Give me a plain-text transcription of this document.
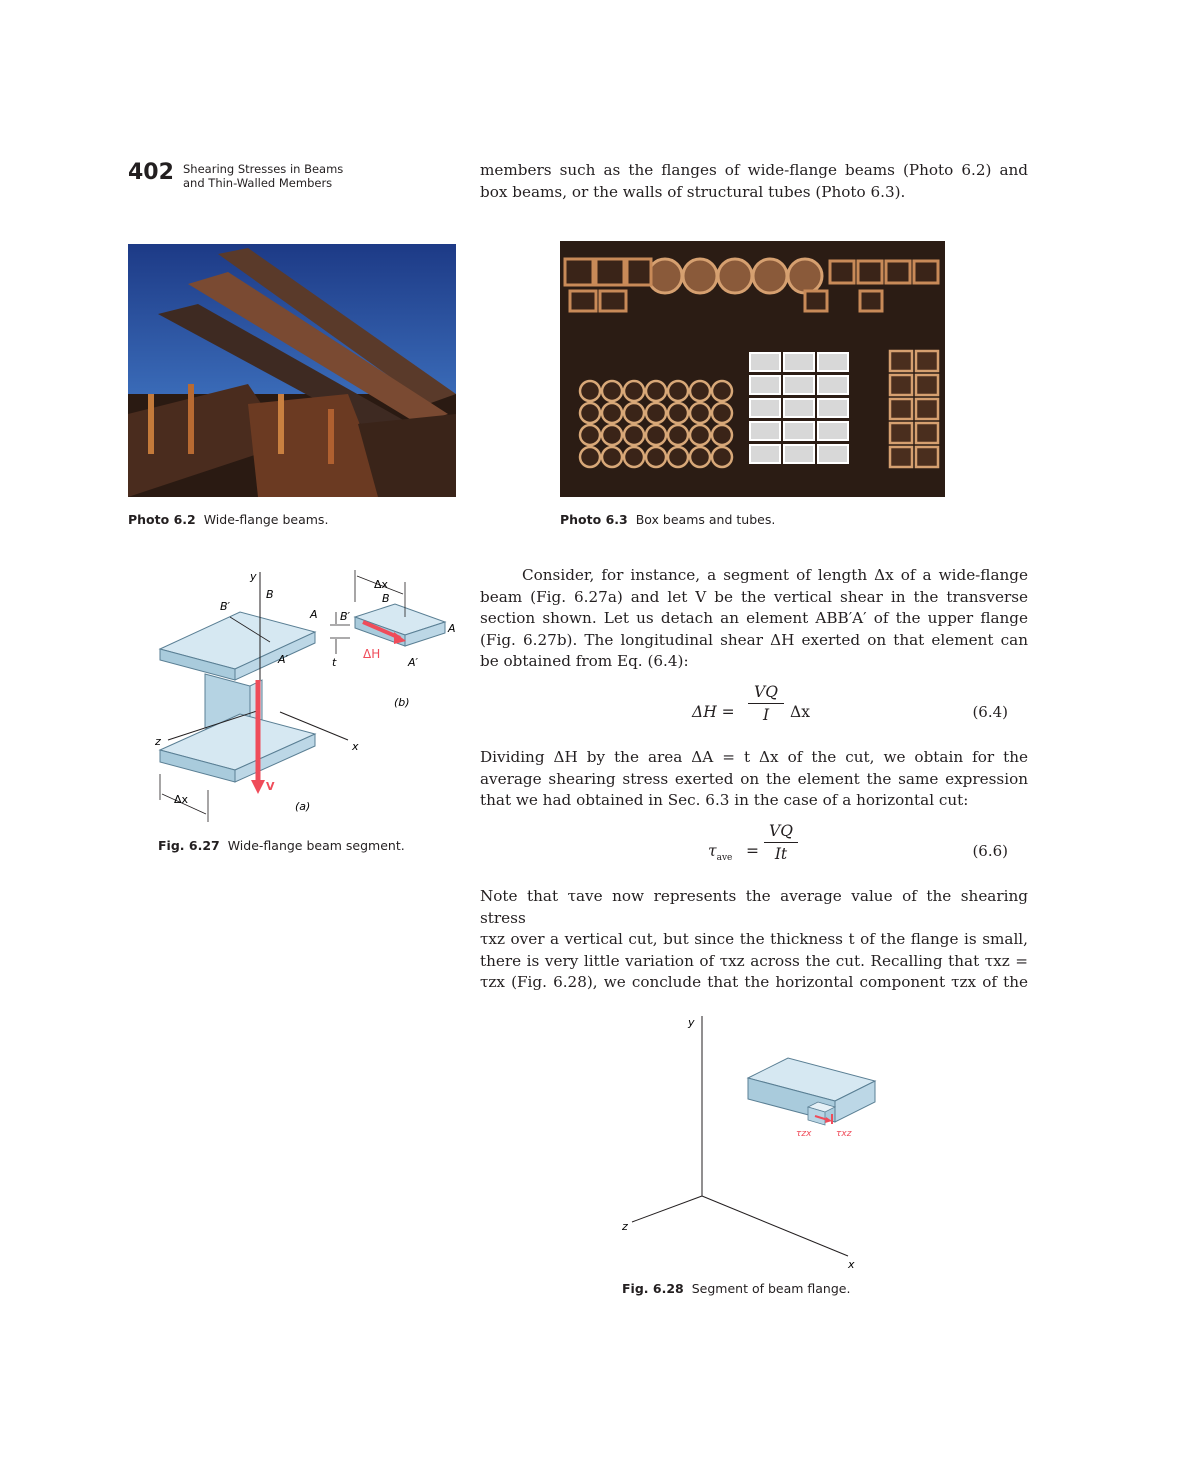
402 Shearing Stresses in Beams
and Thin-Walled Members

members such as the flanges of wide-flange beams (Photo 6.2) and

box beams, or the walls of structural tubes (Photo 6.3).

Photo 6.2 Wide-flange beams.	Photo 6.3 Box beams and tubes.
y
B
B′
A
A′
z	x
V
Δx
(a)
Δx
B
B′
A
t
ΔH
A′
(b)
Fig. 6.27 Wide-flange beam segment.

Consider, for instance, a segment of length Δx of a wide-flange

beam (Fig. 6.27a) and let V be the vertical shear in the transverse

section shown. Let us detach an element ABB′A′ of the upper flange

(Fig. 6.27b). The longitudinal shear ΔH exerted on that element can

be obtained from Eq. (6.4):

$\Delta H = \frac{VQ}{I}$ Δx	(6.4)

Dividing ΔH by the area ΔA = t Δx of the cut, we obtain for the

average shearing stress exerted on the element the same expression

that we had obtained in Sec. 6.3 in the case of a horizontal cut:

$\tau_{ave} = \frac{VQ}{It}$	(6.6)

Note that τave now represents the average value of the shearing stress

τxz over a vertical cut, but since the thickness t of the flange is small,

there is very little variation of τxz across the cut. Recalling that τxz =

τzx (Fig. 6.28), we conclude that the horizontal component τzx of the

y
z
x
τzx	τxz
Fig. 6.28 Segment of beam flange.
